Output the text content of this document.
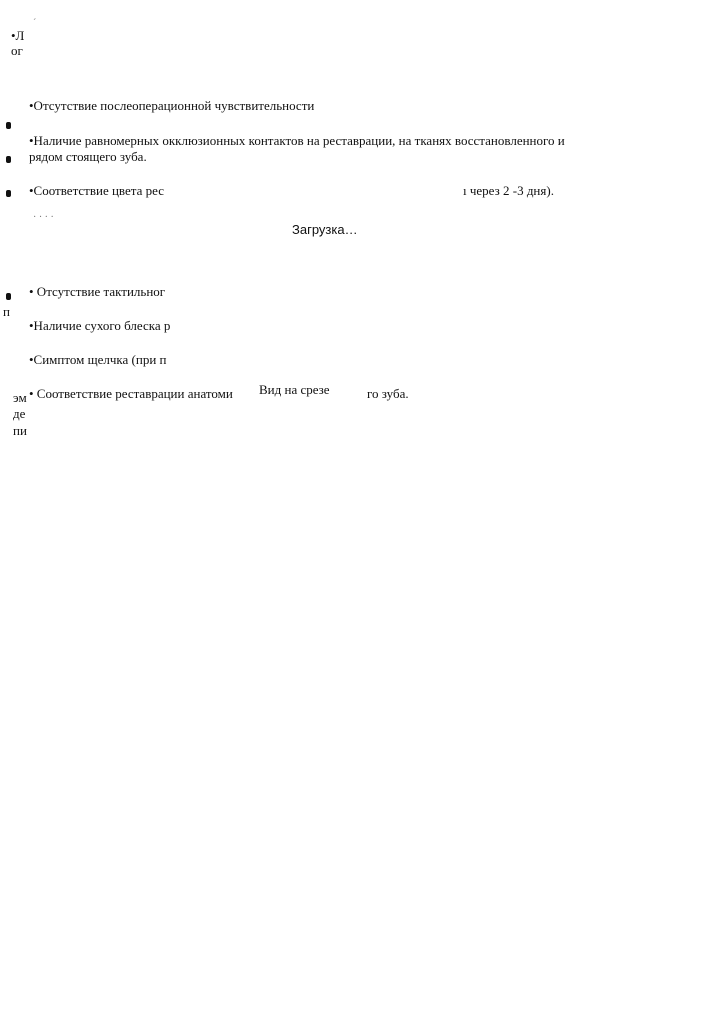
•Л
ог
п
эм
де
пи
´
•Отсутствие послеоперационной чувствительности
•Наличие равномерных окклюзионных контактов на реставрации, на тканях восстановленного и
рядом стоящего зуба.
•Соответствие цвета рес	ı через 2 -3 дня).
· · · ·
• Отсутствие тактильног
•Наличие сухого блеска р
•Симптом щелчка (при п
• Соответствие реставрации анатоми	го зуба.
Загрузка…
Вид на срезе
